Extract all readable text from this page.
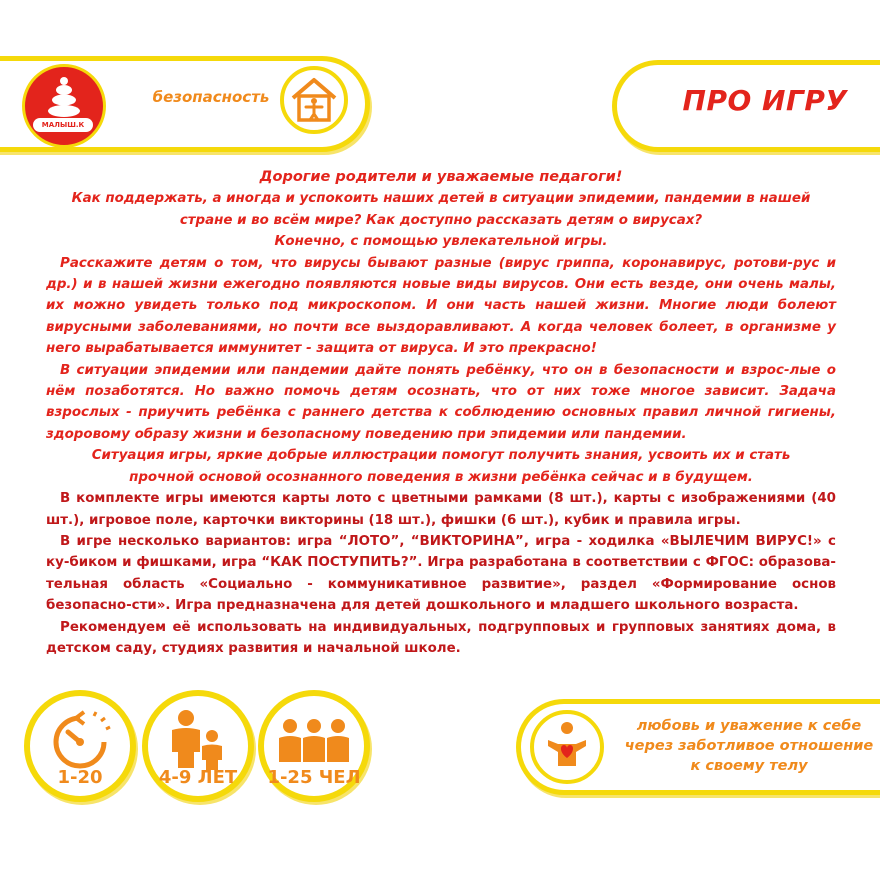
МАЛЫШ.К
безопасность	ПРО ИГРУ

Дорогие родители и уважаемые педагоги!

Как поддержать, а иногда и успокоить наших детей в ситуации эпидемии, пандемии в нашей

стране и во всём мире? Как доступно рассказать детям о вирусах?

Конечно, с помощью увлекательной игры.

Расскажите детям о том, что вирусы бывают разные (вирус гриппа, коронавирус, ротови-рус и др.) и в нашей жизни ежегодно появляются новые виды вирусов. Они есть везде, они очень малы, их можно увидеть только под микроскопом. И они часть нашей жизни. Многие люди болеют вирусными заболеваниями, но почти все выздоравливают. А когда человек болеет, в организме у него вырабатывается иммунитет - защита от вируса. И это прекрасно!

В ситуации эпидемии или пандемии дайте понять ребёнку, что он в безопасности и взрос-лые о нём позаботятся. Но важно помочь детям осознать, что от них тоже многое зависит. Задача взрослых - приучить ребёнка с раннего детства к соблюдению основных правил личной гигиены, здоровому образу жизни и безопасному поведению при эпидемии или пандемии.

Ситуация игры, яркие добрые иллюстрации помогут получить знания, усвоить их и стать

прочной основой осознанного поведения в жизни ребёнка сейчас и в будущем.

В комплекте игры имеются карты лото с цветными рамками (8 шт.), карты с изображениями (40 шт.), игровое поле, карточки викторины (18 шт.), фишки (6 шт.), кубик и правила игры.

В игре несколько вариантов: игра “ЛОТО”, “ВИКТОРИНА”, игра - ходилка «ВЫЛЕЧИМ ВИРУС!» с ку-биком и фишками, игра “КАК ПОСТУПИТЬ?”. Игра разработана в соответствии с ФГОС: образова-тельная область «Социально - коммуникативное развитие», раздел «Формирование основ безопасно-сти». Игра предназначена для детей дошкольного и младшего школьного возраста.

Рекомендуем её использовать на индивидуальных, подгрупповых и групповых занятиях дома, в детском саду, студиях развития и начальной школе.

1-20	4-9 ЛЕТ	1-25 ЧЕЛ
любовь и уважение к себе
через заботливое отношение
к своему телу
